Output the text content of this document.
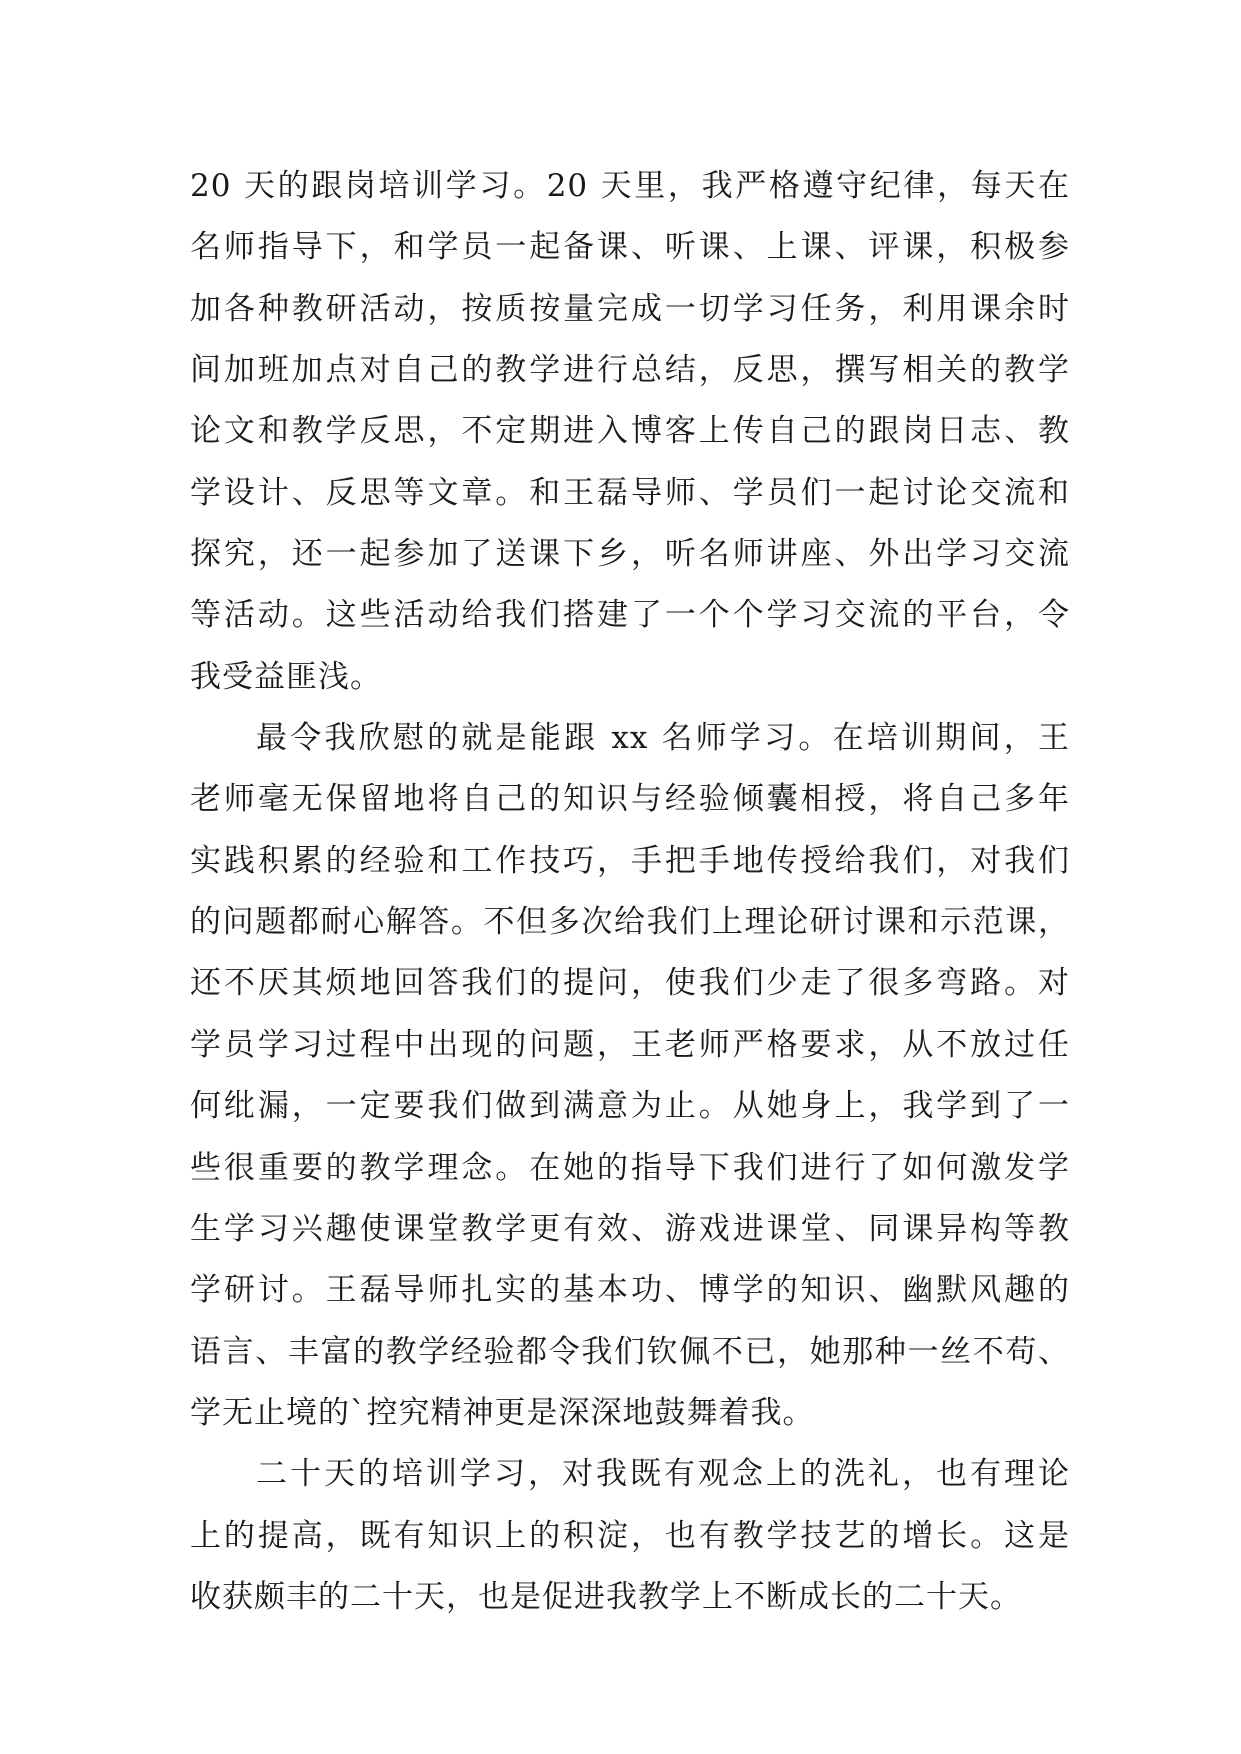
20 天的跟岗培训学习。20 天里，我严格遵守纪律，每天在
名师指导下，和学员一起备课、听课、上课、评课，积极参
加各种教研活动，按质按量完成一切学习任务，利用课余时
间加班加点对自己的教学进行总结，反思，撰写相关的教学
论文和教学反思，不定期进入博客上传自己的跟岗日志、教
学设计、反思等文章。和王磊导师、学员们一起讨论交流和
探究，还一起参加了送课下乡，听名师讲座、外出学习交流
等活动。这些活动给我们搭建了一个个学习交流的平台，令
我受益匪浅。
最令我欣慰的就是能跟 xx 名师学习。在培训期间，王
老师毫无保留地将自己的知识与经验倾囊相授，将自己多年
实践积累的经验和工作技巧，手把手地传授给我们，对我们
的问题都耐心解答。不但多次给我们上理论研讨课和示范课，
还不厌其烦地回答我们的提问，使我们少走了很多弯路。对
学员学习过程中出现的问题，王老师严格要求，从不放过任
何纰漏，一定要我们做到满意为止。从她身上，我学到了一
些很重要的教学理念。在她的指导下我们进行了如何激发学
生学习兴趣使课堂教学更有效、游戏进课堂、同课异构等教
学研讨。王磊导师扎实的基本功、博学的知识、幽默风趣的
语言、丰富的教学经验都令我们钦佩不已，她那种一丝不苟、
学无止境的`控究精神更是深深地鼓舞着我。
二十天的培训学习，对我既有观念上的洗礼，也有理论
上的提高，既有知识上的积淀，也有教学技艺的增长。这是
收获颇丰的二十天，也是促进我教学上不断成长的二十天。
